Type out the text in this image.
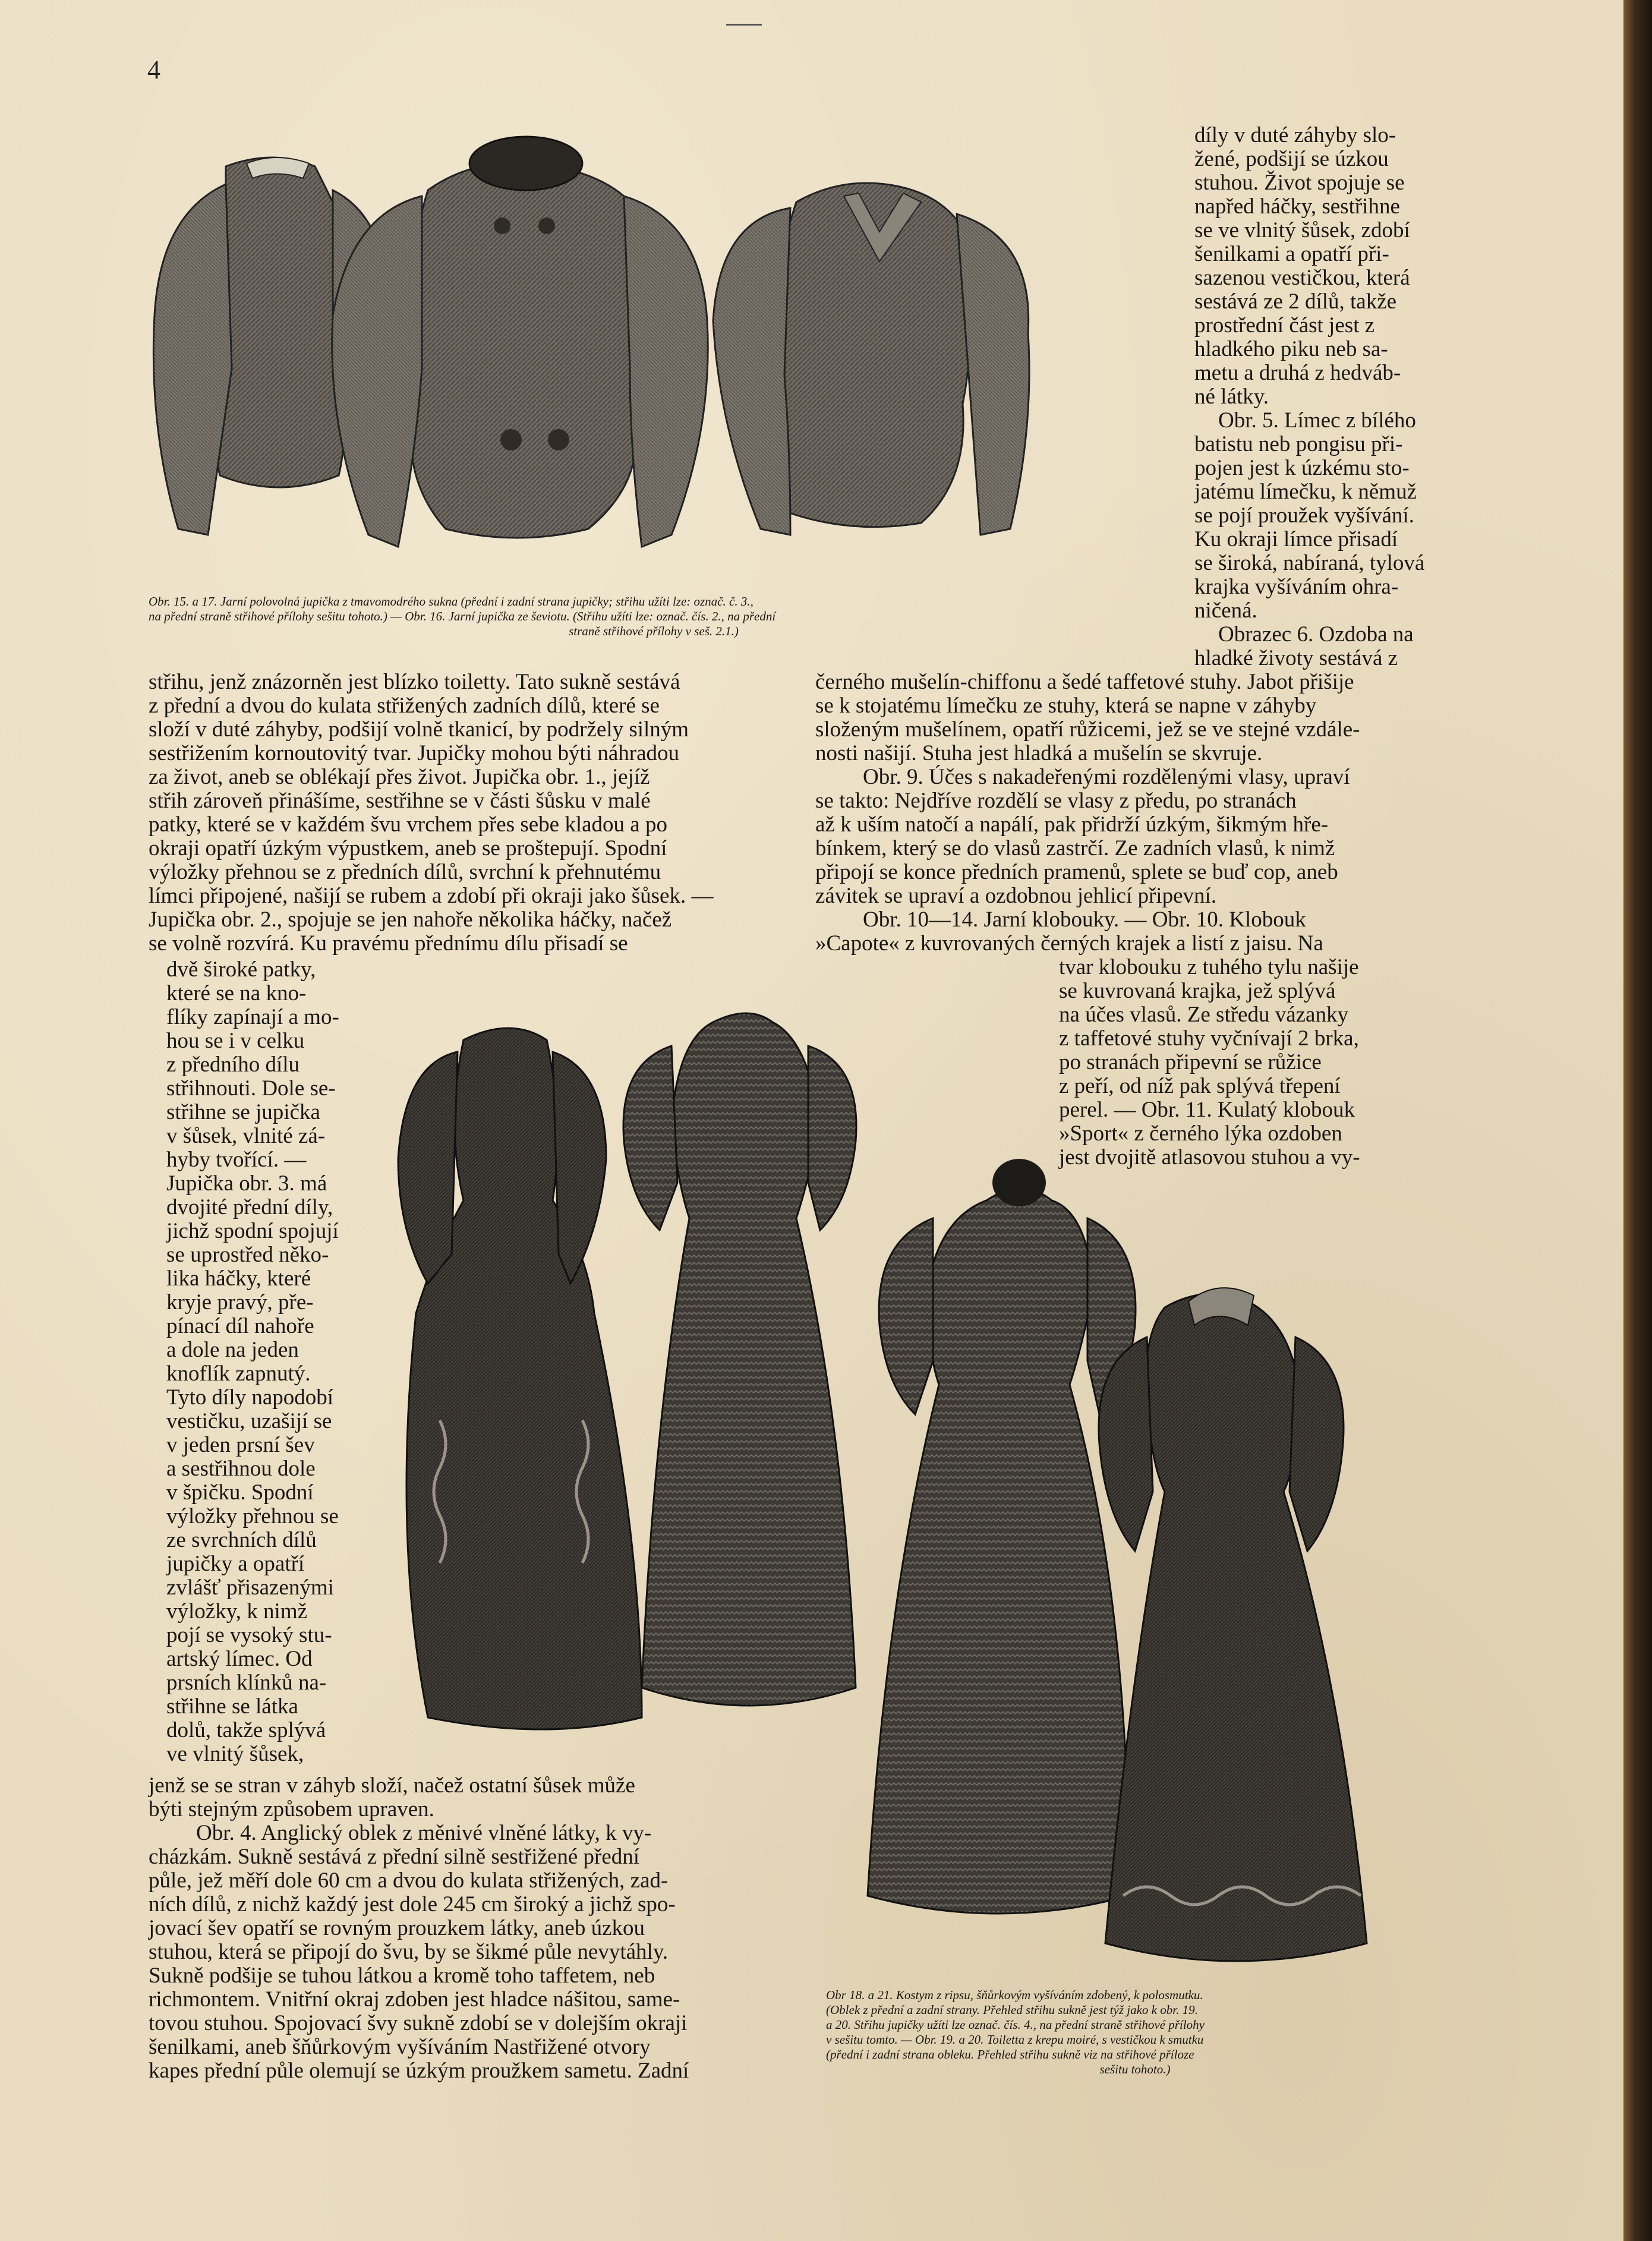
4
Obr. 15. a 17. Jarní polovolná jupička z tmavomodrého sukna (přední i zadní strana jupičky; střihu užíti lze: označ. č. 3.,
na přední straně střihové přílohy sešitu tohoto.) — Obr. 16. Jarní jupička ze ševiotu. (Střihu užíti lze: označ. čís. 2., na přední
straně střihové přílohy v seš. 2.1.)

díly v duté záhyby slo-

žené, podšijí se úzkou

stuhou. Život spojuje se

napřed háčky, sestřihne

se ve vlnitý šůsek, zdobí

šenilkami a opatří při-

sazenou vestičkou, která

sestává ze 2 dílů, takže

prostřední část jest z

hladkého piku neb sa-

metu a druhá z hedváb-

né látky.

Obr. 5. Límec z bílého

batistu neb pongisu při-

pojen jest k úzkému sto-

jatému límečku, k němuž

se pojí proužek vyšívání.

Ku okraji límce přisadí

se široká, nabíraná, tylová

krajka vyšíváním ohra-

ničená.

Obrazec 6. Ozdoba na

hladké životy sestává z

střihu, jenž znázorněn jest blízko toiletty. Tato sukně sestává

z přední a dvou do kulata střižených zadních dílů, které se

složí v duté záhyby, podšijí volně tkanicí, by podržely silným

sestřižením kornoutovitý tvar. Jupičky mohou býti náhradou

za život, aneb se oblékají přes život. Jupička obr. 1., jejíž

střih zároveň přinášíme, sestřihne se v části šůsku v malé

patky, které se v každém švu vrchem přes sebe kladou a po

okraji opatří úzkým výpustkem, aneb se proštepují. Spodní

výložky přehnou se z předních dílů, svrchní k přehnutému

límci připojené, našijí se rubem a zdobí při okraji jako šůsek. —

Jupička obr. 2., spojuje se jen nahoře několika háčky, načež

se volně rozvírá. Ku pravému přednímu dílu přisadí se

černého mušelín-chiffonu a šedé taffetové stuhy. Jabot přišije

se k stojatému límečku ze stuhy, která se napne v záhyby

složeným mušelínem, opatří růžicemi, jež se ve stejné vzdále-

nosti našijí. Stuha jest hladká a mušelín se skvruje.

Obr. 9. Účes s nakadeřenými rozdělenými vlasy, upraví

se takto: Nejdříve rozdělí se vlasy z předu, po stranách

až k uším natočí a napálí, pak přidrží úzkým, šikmým hře-

bínkem, který se do vlasů zastrčí. Ze zadních vlasů, k nimž

připojí se konce předních pramenů, splete se buď cop, aneb

závitek se upraví a ozdobnou jehlicí připevní.

Obr. 10—14. Jarní klobouky. — Obr. 10. Klobouk

»Capote« z kuvrovaných černých krajek a listí z jaisu. Na

tvar klobouku z tuhého tylu našije

se kuvrovaná krajka, jež splývá

na účes vlasů. Ze středu vázanky

z taffetové stuhy vyčnívají 2 brka,

po stranách připevní se růžice

z peří, od níž pak splývá třepení

perel. — Obr. 11. Kulatý klobouk

»Sport« z černého lýka ozdoben

jest dvojitě atlasovou stuhou a vy-

dvě široké patky,

které se na kno-

flíky zapínají a mo-

hou se i v celku

z předního dílu

střihnouti. Dole se-

střihne se jupička

v šůsek, vlnité zá-

hyby tvořící. —

Jupička obr. 3. má

dvojité přední díly,

jichž spodní spojují

se uprostřed něko-

lika háčky, které

kryje pravý, pře-

pínací díl nahoře

a dole na jeden

knoflík zapnutý.

Tyto díly napodobí

vestičku, uzašijí se

v jeden prsní šev

a sestřihnou dole

v špičku. Spodní

výložky přehnou se

ze svrchních dílů

jupičky a opatří

zvlášť přisazenými

výložky, k nimž

pojí se vysoký stu-

artský límec. Od

prsních klínků na-

střihne se látka

dolů, takže splývá

ve vlnitý šůsek,

jenž se se stran v záhyb složí, načež ostatní šůsek může

býti stejným způsobem upraven.

Obr. 4. Anglický oblek z měnivé vlněné látky, k vy-

cházkám. Sukně sestává z přední silně sestřižené přední

půle, jež měří dole 60 cm a dvou do kulata střižených, zad-

ních dílů, z nichž každý jest dole 245 cm široký a jichž spo-

jovací šev opatří se rovným prouzkem látky, aneb úzkou

stuhou, která se připojí do švu, by se šikmé půle nevytáhly.

Sukně podšije se tuhou látkou a kromě toho taffetem, neb

richmontem. Vnitřní okraj zdoben jest hladce nášitou, same-

tovou stuhou. Spojovací švy sukně zdobí se v dolejším okraji

šenilkami, aneb šňůrkovým vyšíváním Nastřižené otvory

kapes přední půle olemují se úzkým proužkem sametu. Zadní

Obr 18. a 21. Kostym z ripsu, šňůrkovým vyšíváním zdobený, k polosmutku.
(Oblek z přední a zadní strany. Přehled střihu sukně jest týž jako k obr. 19.
a 20. Střihu jupičky užíti lze označ. čís. 4., na přední straně střihové přílohy
v sešitu tomto. — Obr. 19. a 20. Toiletta z krepu moiré, s vestičkou k smutku
(přední i zadní strana obleku. Přehled střihu sukně viz na střihové příloze
sešitu tohoto.)
